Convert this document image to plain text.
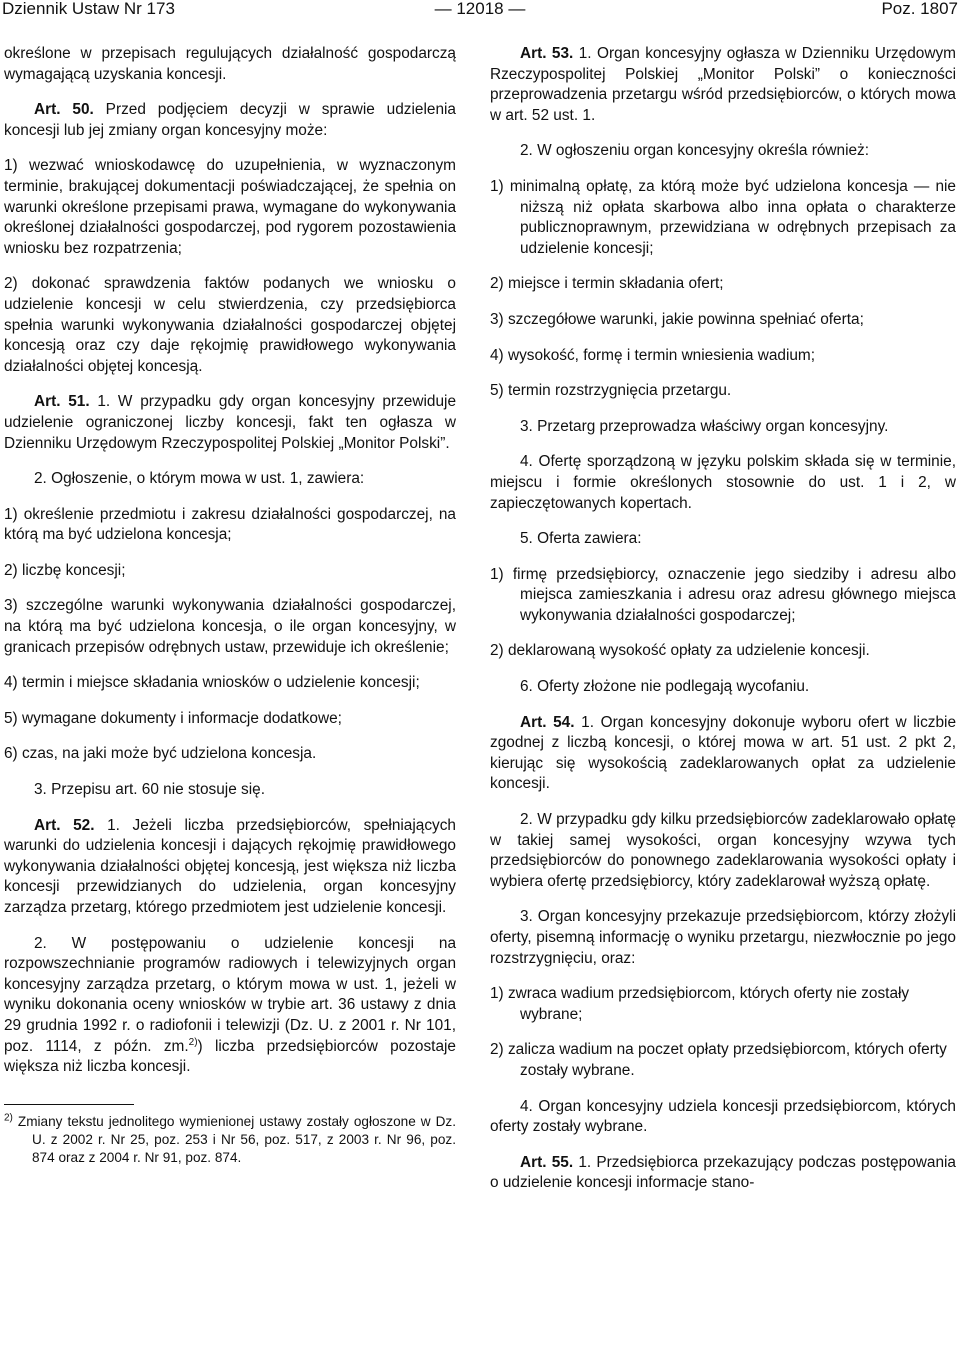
Dziennik Ustaw Nr 173	— 12018 —	Poz. 1807

określone w przepisach regulujących działalność gospodarczą wymagającą uzyskania koncesji.

Art. 50. Przed podjęciem decyzji w sprawie udzielenia koncesji lub jej zmiany organ koncesyjny może:

1) wezwać wnioskodawcę do uzupełnienia, w wyznaczonym terminie, brakującej dokumentacji poświadczającej, że spełnia on warunki określone przepisami prawa, wymagane do wykonywania określonej działalności gospodarczej, pod rygorem pozostawienia wniosku bez rozpatrzenia;

2) dokonać sprawdzenia faktów podanych we wniosku o udzielenie koncesji w celu stwierdzenia, czy przedsiębiorca spełnia warunki wykonywania działalności gospodarczej objętej koncesją oraz czy daje rękojmię prawidłowego wykonywania działalności objętej koncesją.

Art. 51. 1. W przypadku gdy organ koncesyjny przewiduje udzielenie ograniczonej liczby koncesji, fakt ten ogłasza w Dzienniku Urzędowym Rzeczypospolitej Polskiej „Monitor Polski”.

2. Ogłoszenie, o którym mowa w ust. 1, zawiera:

1) określenie przedmiotu i zakresu działalności gospodarczej, na którą ma być udzielona koncesja;

2) liczbę koncesji;

3) szczególne warunki wykonywania działalności gospodarczej, na którą ma być udzielona koncesja, o ile organ koncesyjny, w granicach przepisów odrębnych ustaw, przewiduje ich określenie;

4) termin i miejsce składania wniosków o udzielenie koncesji;

5) wymagane dokumenty i informacje dodatkowe;

6) czas, na jaki może być udzielona koncesja.

3. Przepisu art. 60 nie stosuje się.

Art. 52. 1. Jeżeli liczba przedsiębiorców, spełniających warunki do udzielenia koncesji i dających rękojmię prawidłowego wykonywania działalności objętej koncesją, jest większa niż liczba koncesji przewidzianych do udzielenia, organ koncesyjny zarządza przetarg, którego przedmiotem jest udzielenie koncesji.

2. W postępowaniu o udzielenie koncesji na rozpowszechnianie programów radiowych i telewizyjnych organ koncesyjny zarządza przetarg, o którym mowa w ust. 1, jeżeli w wyniku dokonania oceny wniosków w trybie art. 36 ustawy z dnia 29 grudnia 1992 r. o radiofonii i telewizji (Dz. U. z 2001 r. Nr 101, poz. 1114, z późn. zm.$^{2)}$) liczba przedsiębiorców pozostaje większa niż liczba koncesji.

$^{2)}$ Zmiany tekstu jednolitego wymienionej ustawy zostały ogłoszone w Dz. U. z 2002 r. Nr 25, poz. 253 i Nr 56, poz. 517, z 2003 r. Nr 96, poz. 874 oraz z 2004 r. Nr 91, poz. 874.

Art. 53. 1. Organ koncesyjny ogłasza w Dzienniku Urzędowym Rzeczypospolitej Polskiej „Monitor Polski” o konieczności przeprowadzenia przetargu wśród przedsiębiorców, o których mowa w art. 52 ust. 1.

2. W ogłoszeniu organ koncesyjny określa również:

1) minimalną opłatę, za którą może być udzielona koncesja — nie niższą niż opłata skarbowa albo inna opłata o charakterze publicznoprawnym, przewidziana w odrębnych przepisach za udzielenie koncesji;

2) miejsce i termin składania ofert;

3) szczegółowe warunki, jakie powinna spełniać oferta;

4) wysokość, formę i termin wniesienia wadium;

5) termin rozstrzygnięcia przetargu.

3. Przetarg przeprowadza właściwy organ koncesyjny.

4. Ofertę sporządzoną w języku polskim składa się w terminie, miejscu i formie określonych stosownie do ust. 1 i 2, w zapieczętowanych kopertach.

5. Oferta zawiera:

1) firmę przedsiębiorcy, oznaczenie jego siedziby i adresu albo miejsca zamieszkania i adresu oraz adresu głównego miejsca wykonywania działalności gospodarczej;

2) deklarowaną wysokość opłaty za udzielenie koncesji.

6. Oferty złożone nie podlegają wycofaniu.

Art. 54. 1. Organ koncesyjny dokonuje wyboru ofert w liczbie zgodnej z liczbą koncesji, o której mowa w art. 51 ust. 2 pkt 2, kierując się wysokością zadeklarowanych opłat za udzielenie koncesji.

2. W przypadku gdy kilku przedsiębiorców zadeklarowało opłatę w takiej samej wysokości, organ koncesyjny wzywa tych przedsiębiorców do ponownego zadeklarowania wysokości opłaty i wybiera ofertę przedsiębiorcy, który zadeklarował wyższą opłatę.

3. Organ koncesyjny przekazuje przedsiębiorcom, którzy złożyli oferty, pisemną informację o wyniku przetargu, niezwłocznie po jego rozstrzygnięciu, oraz:

1) zwraca wadium przedsiębiorcom, których oferty nie zostały wybrane;

2) zalicza wadium na poczet opłaty przedsiębiorcom, których oferty zostały wybrane.

4. Organ koncesyjny udziela koncesji przedsiębiorcom, których oferty zostały wybrane.

Art. 55. 1. Przedsiębiorca przekazujący podczas postępowania o udzielenie koncesji informacje stano-
